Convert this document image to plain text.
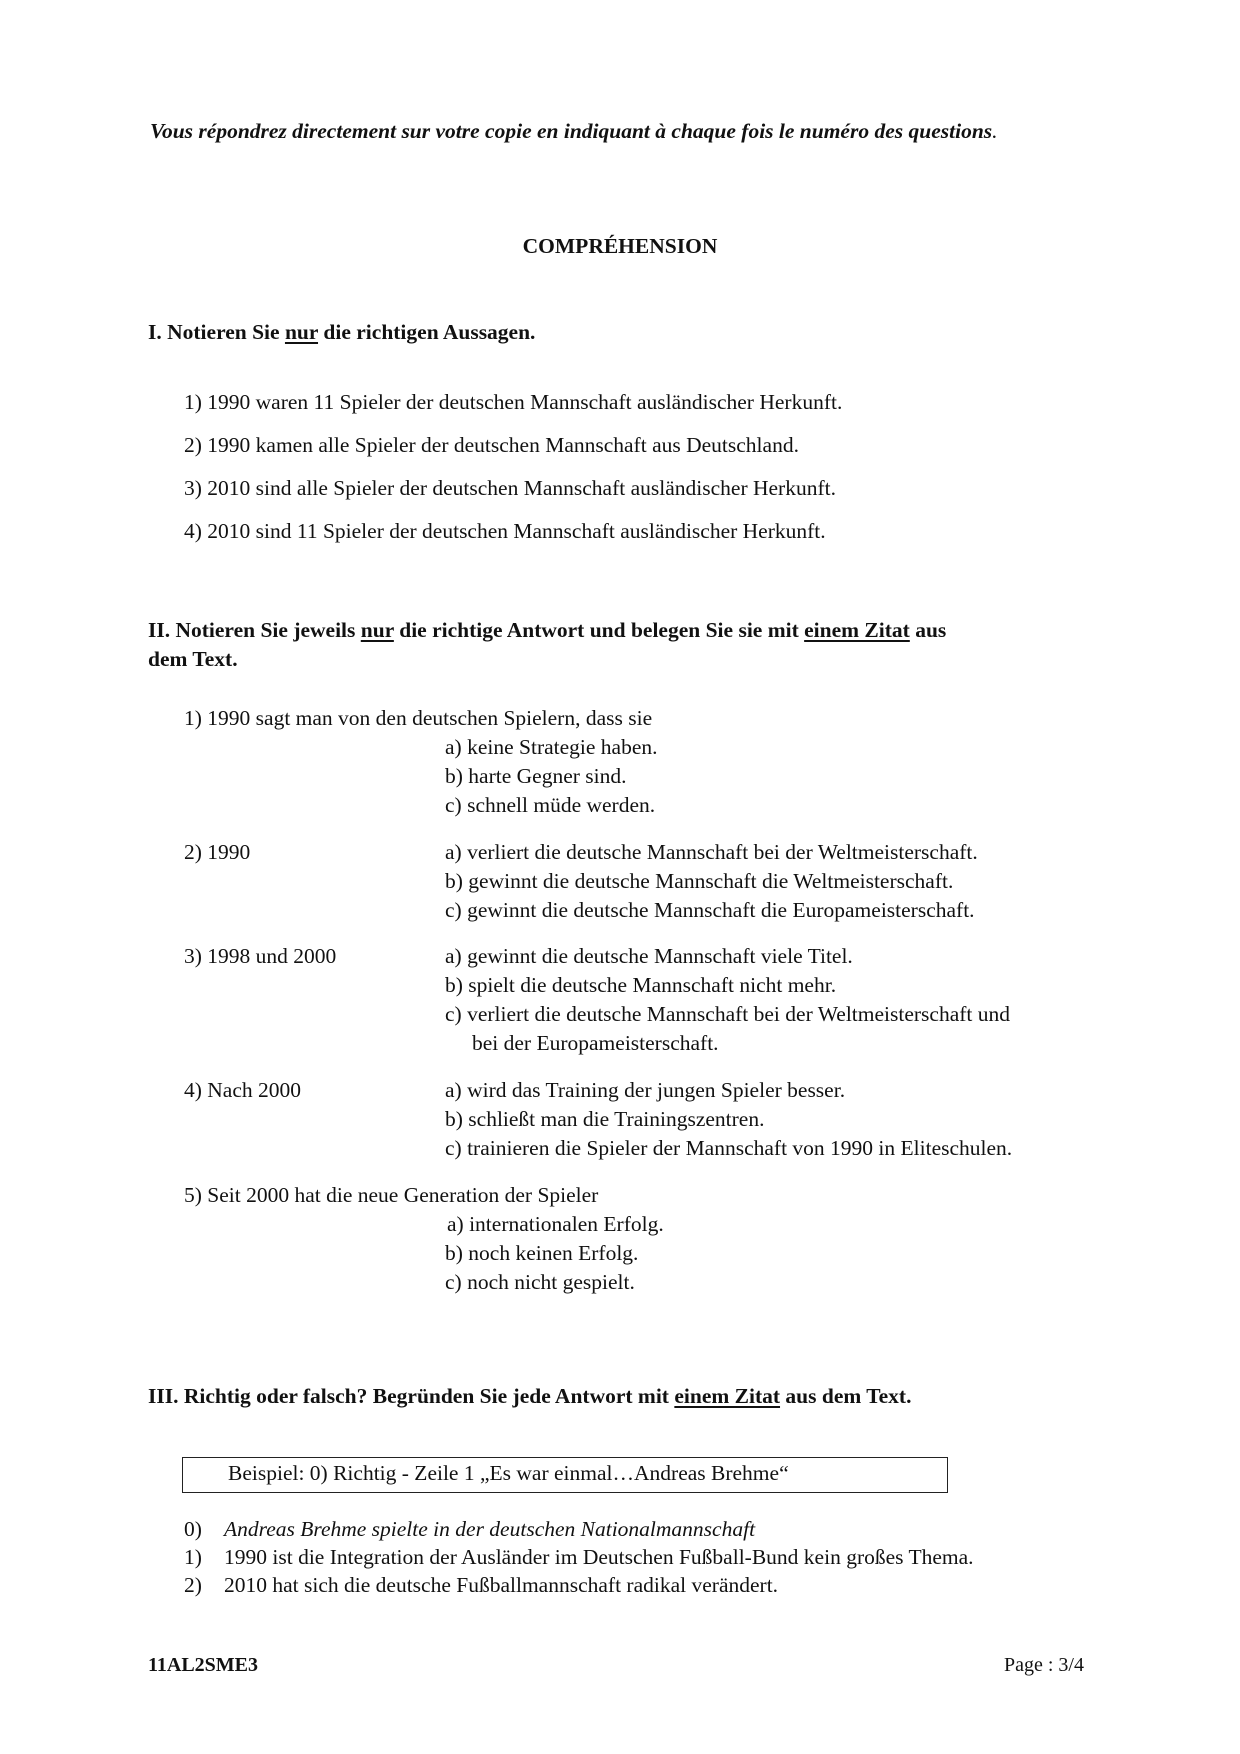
Vous répondrez directement sur votre copie en indiquant à chaque fois le numéro des questions.
COMPRÉHENSION
I. Notieren Sie nur die richtigen Aussagen.
1) 1990 waren 11 Spieler der deutschen Mannschaft ausländischer Herkunft.
2) 1990 kamen alle Spieler der deutschen Mannschaft aus Deutschland.
3) 2010 sind alle Spieler der deutschen Mannschaft ausländischer Herkunft.
4) 2010 sind 11 Spieler der deutschen Mannschaft ausländischer Herkunft.
II. Notieren Sie jeweils nur die richtige Antwort und belegen Sie sie mit einem Zitat aus
dem Text.
1) 1990 sagt man von den deutschen Spielern, dass sie
a) keine Strategie haben.
b) harte Gegner sind.
c) schnell müde werden.
2) 1990	a) verliert die deutsche Mannschaft bei der Weltmeisterschaft.
b) gewinnt die deutsche Mannschaft die Weltmeisterschaft.
c) gewinnt die deutsche Mannschaft die Europameisterschaft.
3) 1998 und 2000	a) gewinnt die deutsche Mannschaft viele Titel.
b) spielt die deutsche Mannschaft nicht mehr.
c) verliert die deutsche Mannschaft bei der Weltmeisterschaft und
bei der Europameisterschaft.
4) Nach 2000	a) wird das Training der jungen Spieler besser.
b) schließt man die Trainingszentren.
c) trainieren die Spieler der Mannschaft von 1990 in Eliteschulen.
5) Seit 2000 hat die neue Generation der Spieler
a) internationalen Erfolg.
b) noch keinen Erfolg.
c) noch nicht gespielt.
III. Richtig oder falsch? Begründen Sie jede Antwort mit einem Zitat aus dem Text.
Beispiel: 0) Richtig - Zeile 1 „Es war einmal…Andreas Brehme“
0) Andreas Brehme spielte in der deutschen Nationalmannschaft
1) 1990 ist die Integration der Ausländer im Deutschen Fußball-Bund kein großes Thema.
2) 2010 hat sich die deutsche Fußballmannschaft radikal verändert.
11AL2SME3	Page : 3/4
